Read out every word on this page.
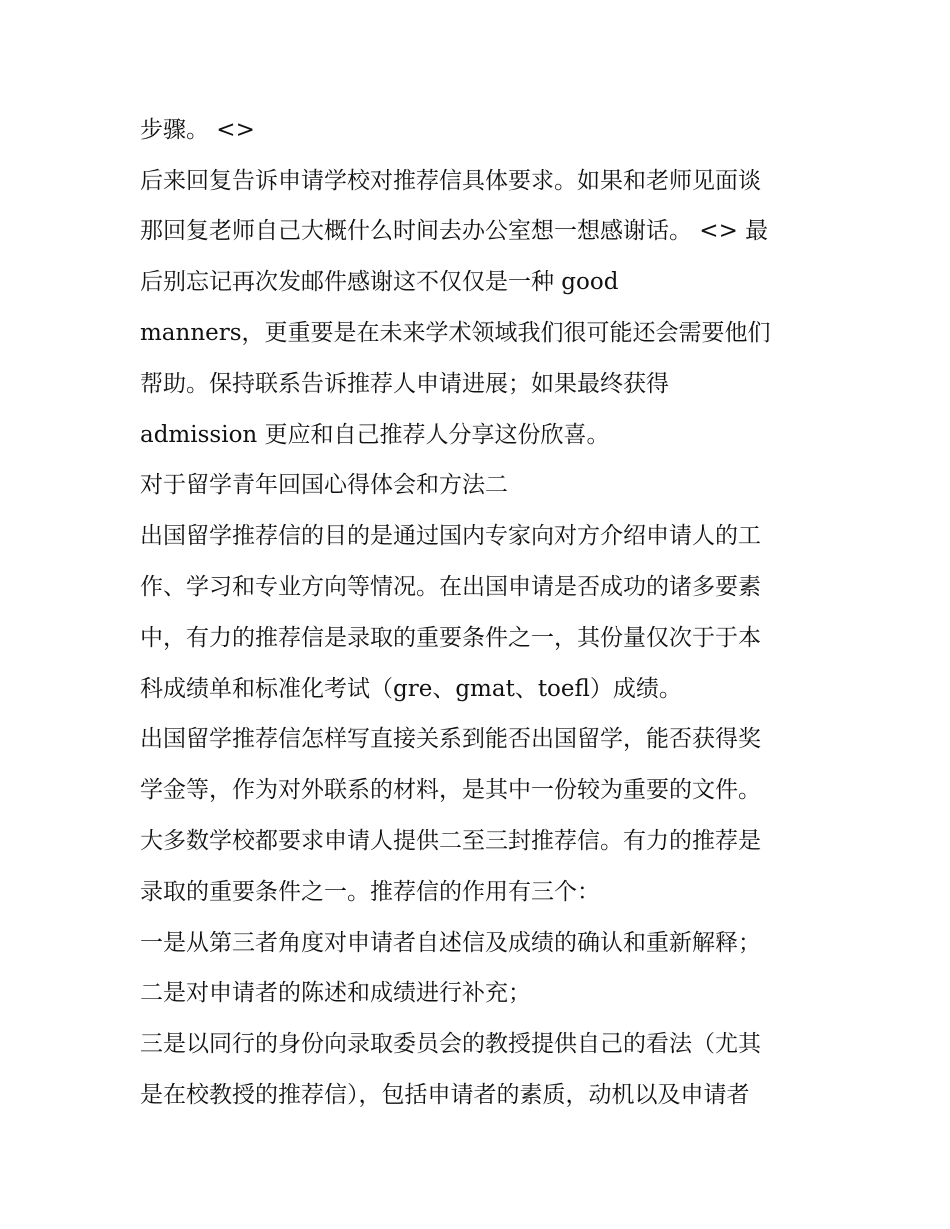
步骤。 <>

后来回复告诉申请学校对推荐信具体要求。如果和老师见面谈

那回复老师自己大概什么时间去办公室想一想感谢话。 <> 最

后别忘记再次发邮件感谢这不仅仅是一种 good

manners，更重要是在未来学术领域我们很可能还会需要他们

帮助。保持联系告诉推荐人申请进展；如果最终获得

admission 更应和自己推荐人分享这份欣喜。

对于留学青年回国心得体会和方法二

出国留学推荐信的目的是通过国内专家向对方介绍申请人的工

作、学习和专业方向等情况。在出国申请是否成功的诸多要素

中，有力的推荐信是录取的重要条件之一，其份量仅次于于本

科成绩单和标准化考试（gre、gmat、toefl）成绩。

出国留学推荐信怎样写直接关系到能否出国留学，能否获得奖

学金等，作为对外联系的材料，是其中一份较为重要的文件。

大多数学校都要求申请人提供二至三封推荐信。有力的推荐是

录取的重要条件之一。推荐信的作用有三个：

一是从第三者角度对申请者自述信及成绩的确认和重新解释；

二是对申请者的陈述和成绩进行补充；

三是以同行的身份向录取委员会的教授提供自己的看法（尤其

是在校教授的推荐信），包括申请者的素质，动机以及申请者
